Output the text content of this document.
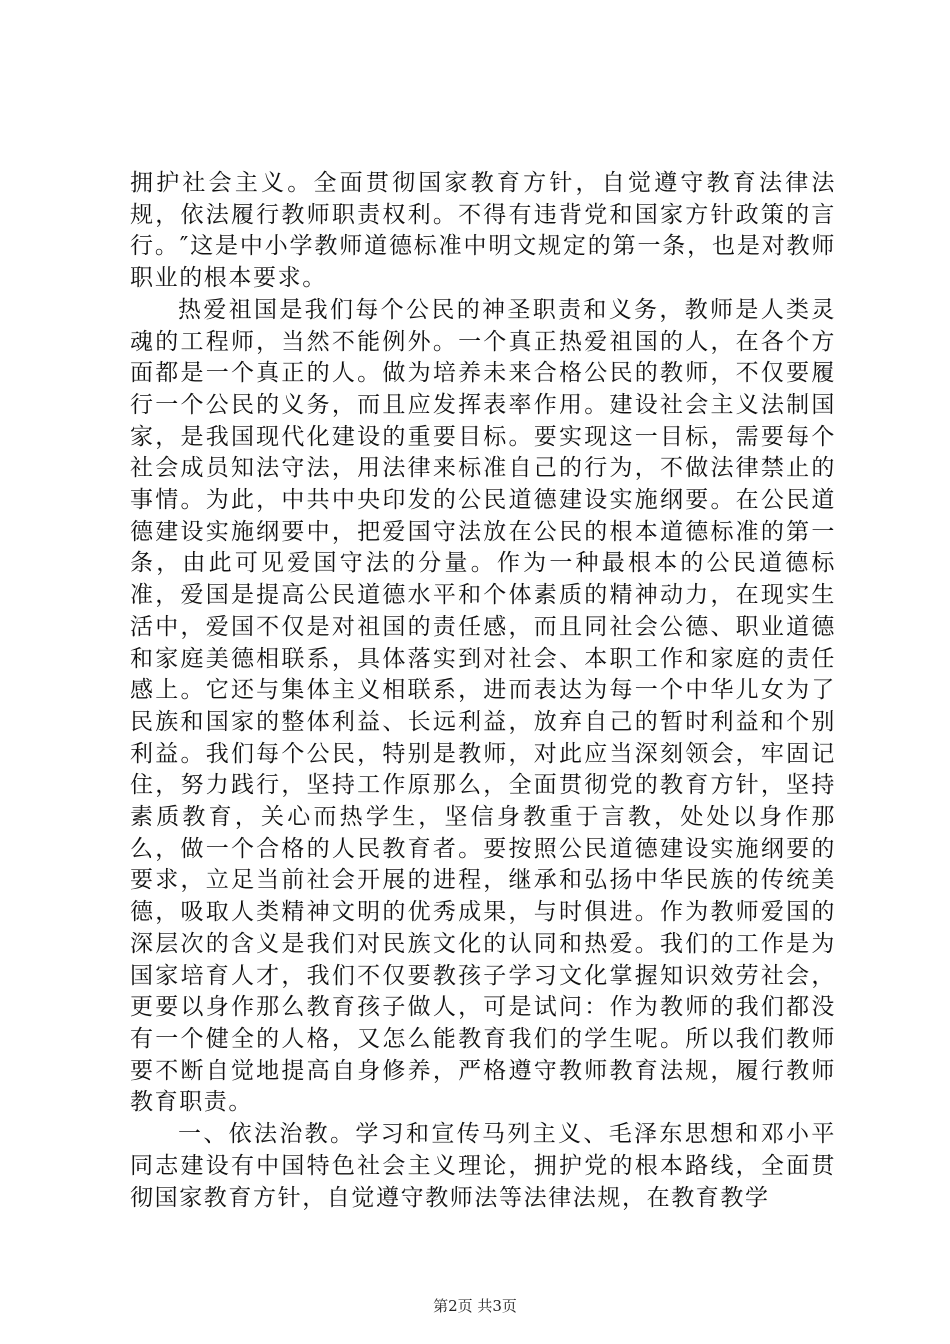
拥护社会主义。全面贯彻国家教育方针，自觉遵守教育法律法规，依法履行教师职责权利。不得有违背党和国家方针政策的言行。″这是中小学教师道德标准中明文规定的第一条，也是对教师职业的根本要求。

热爱祖国是我们每个公民的神圣职责和义务，教师是人类灵魂的工程师，当然不能例外。一个真正热爱祖国的人，在各个方面都是一个真正的人。做为培养未来合格公民的教师，不仅要履行一个公民的义务，而且应发挥表率作用。建设社会主义法制国家，是我国现代化建设的重要目标。要实现这一目标，需要每个社会成员知法守法，用法律来标准自己的行为，不做法律禁止的事情。为此，中共中央印发的公民道德建设实施纲要。在公民道德建设实施纲要中，把爱国守法放在公民的根本道德标准的第一条，由此可见爱国守法的分量。作为一种最根本的公民道德标准，爱国是提高公民道德水平和个体素质的精神动力，在现实生活中，爱国不仅是对祖国的责任感，而且同社会公德、职业道德和家庭美德相联系，具体落实到对社会、本职工作和家庭的责任感上。它还与集体主义相联系，进而表达为每一个中华儿女为了民族和国家的整体利益、长远利益，放弃自己的暂时利益和个别利益。我们每个公民，特别是教师，对此应当深刻领会，牢固记住，努力践行，坚持工作原那么，全面贯彻党的教育方针，坚持素质教育，关心而热学生，坚信身教重于言教，处处以身作那么，做一个合格的人民教育者。要按照公民道德建设实施纲要的要求，立足当前社会开展的进程，继承和弘扬中华民族的传统美德，吸取人类精神文明的优秀成果，与时俱进。作为教师爱国的深层次的含义是我们对民族文化的认同和热爱。我们的工作是为国家培育人才，我们不仅要教孩子学习文化掌握知识效劳社会，更要以身作那么教育孩子做人，可是试问：作为教师的我们都没有一个健全的人格，又怎么能教育我们的学生呢。所以我们教师要不断自觉地提高自身修养，严格遵守教师教育法规，履行教师教育职责。

一、依法治教。学习和宣传马列主义、毛泽东思想和邓小平同志建设有中国特色社会主义理论，拥护党的根本路线，全面贯彻国家教育方针，自觉遵守教师法等法律法规，在教育教学

第2页 共3页
